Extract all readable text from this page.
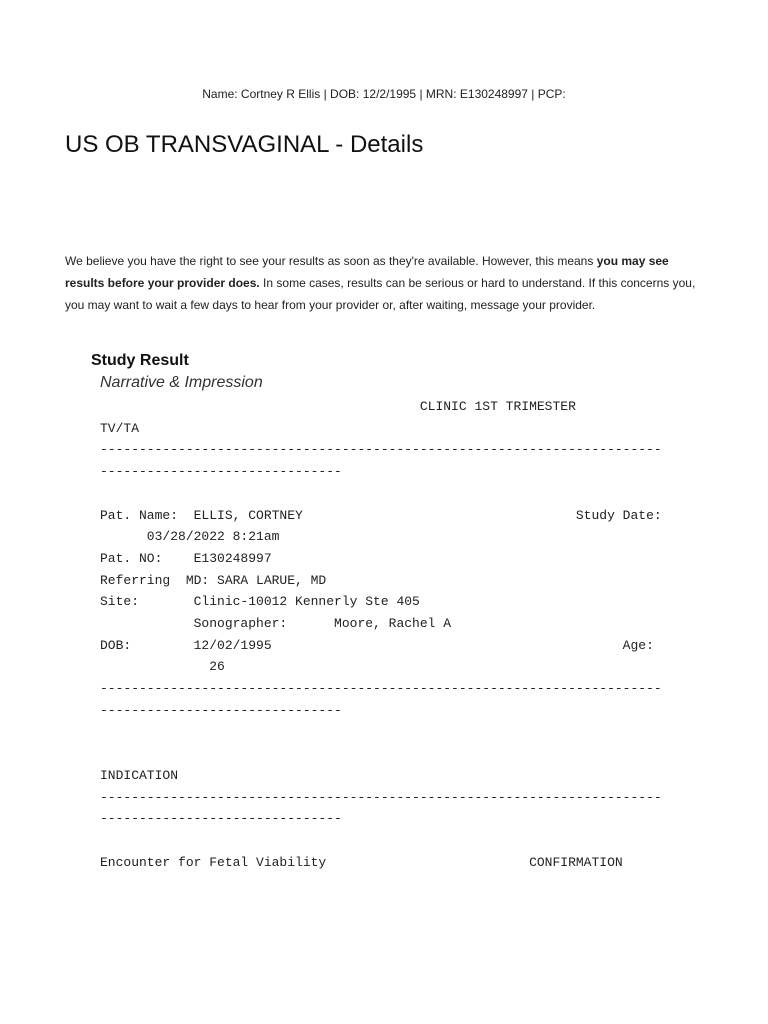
Name: Cortney R Ellis | DOB: 12/2/1995 | MRN: E130248997 | PCP:
US OB TRANSVAGINAL - Details

We believe you have the right to see your results as soon as they're available. However, this means you may see results before your provider does. In some cases, results can be serious or hard to understand. If this concerns you, you may want to wait a few days to hear from your provider or, after waiting, message your provider.

Study Result
Narrative & Impression
CLINIC 1ST TRIMESTER
TV/TA
------------------------------------------------------------------------
-------------------------------

Pat. Name:  ELLIS, CORTNEY                                   Study Date:
03/28/2022 8:21am
Pat. NO:    E130248997
Referring  MD: SARA LARUE, MD
Site:       Clinic-10012 Kennerly Ste 405
Sonographer:      Moore, Rachel A
DOB:        12/02/1995                                             Age:
26
------------------------------------------------------------------------
-------------------------------

INDICATION
------------------------------------------------------------------------
-------------------------------

Encounter for Fetal Viability                          CONFIRMATION
